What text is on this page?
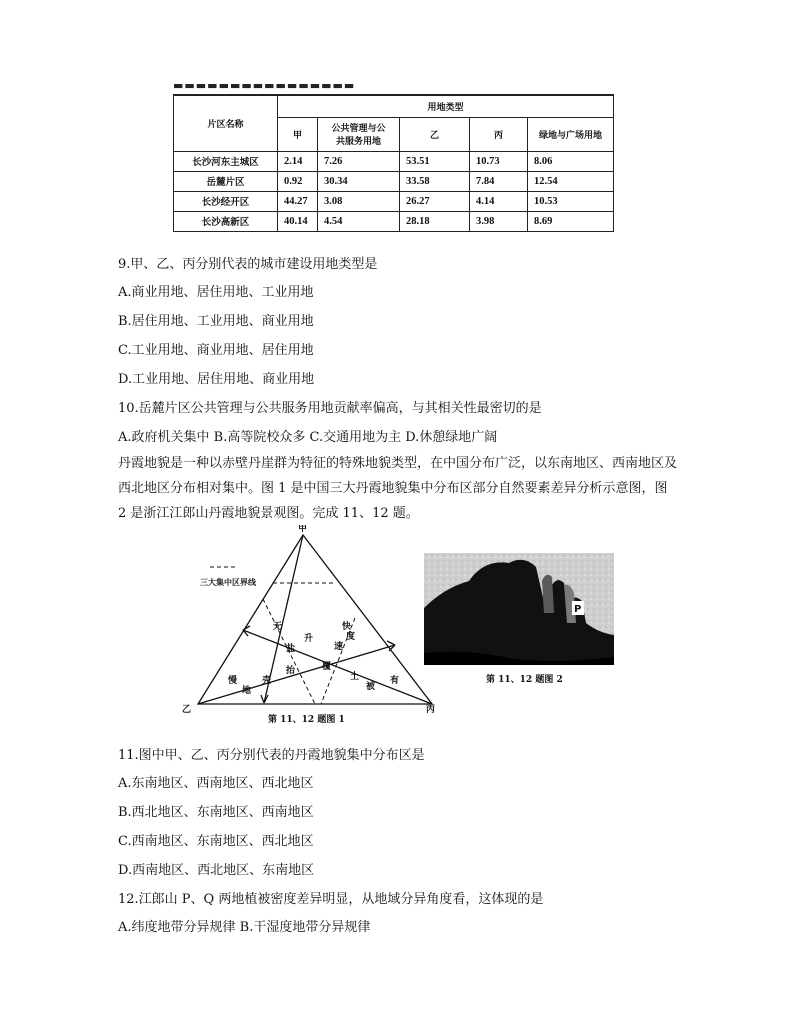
▬▬▬▬▬▬▬▬▬▬▬▬▬▬▬▬
片区名称	用地类型				

	甲	公共管理与公
共服务用地	乙	丙	绿地与广场用地

长沙河东主城区	2.14	7.26	53.51	10.73	8.06
岳麓片区	0.92	30.34	33.58	7.84	12.54
长沙经开区	44.27	3.08	26.27	4.14	10.53
长沙高新区	40.14	4.54	28.18	3.98	8.69
9.甲、乙、丙分别代表的城市建设用地类型是
A.商业用地、居住用地、工业用地
B.居住用地、工业用地、商业用地
C.工业用地、商业用地、居住用地
D.工业用地、居住用地、商业用地
10.岳麓片区公共管理与公共服务用地贡献率偏高，与其相关性最密切的是
A.政府机关集中 B.高等院校众多 C.交通用地为主 D.休憩绿地广阔
丹霞地貌是一种以赤壁丹崖群为特征的特殊地貌类型，在中国分布广泛，以东南地区、西南地区及西北地区分布相对集中。图 1 是中国三大丹霞地貌集中分布区部分自然要素差异分析示意图，图 2 是浙江江郎山丹霞地貌景观图。完成 11、12 题。
甲
乙	丙
三大集中区界线
无	快
盐
升
速
度
抬	覆
土
慢
地
壳
被
有
第 11、12 题图 1
P
第 11、12 题图 2
11.图中甲、乙、丙分别代表的丹霞地貌集中分布区是
A.东南地区、西南地区、西北地区
B.西北地区、东南地区、西南地区
C.西南地区、东南地区、西北地区
D.西南地区、西北地区、东南地区
12.江郎山 P、Q 两地植被密度差异明显，从地域分异角度看，这体现的是
A.纬度地带分异规律 B.干湿度地带分异规律
